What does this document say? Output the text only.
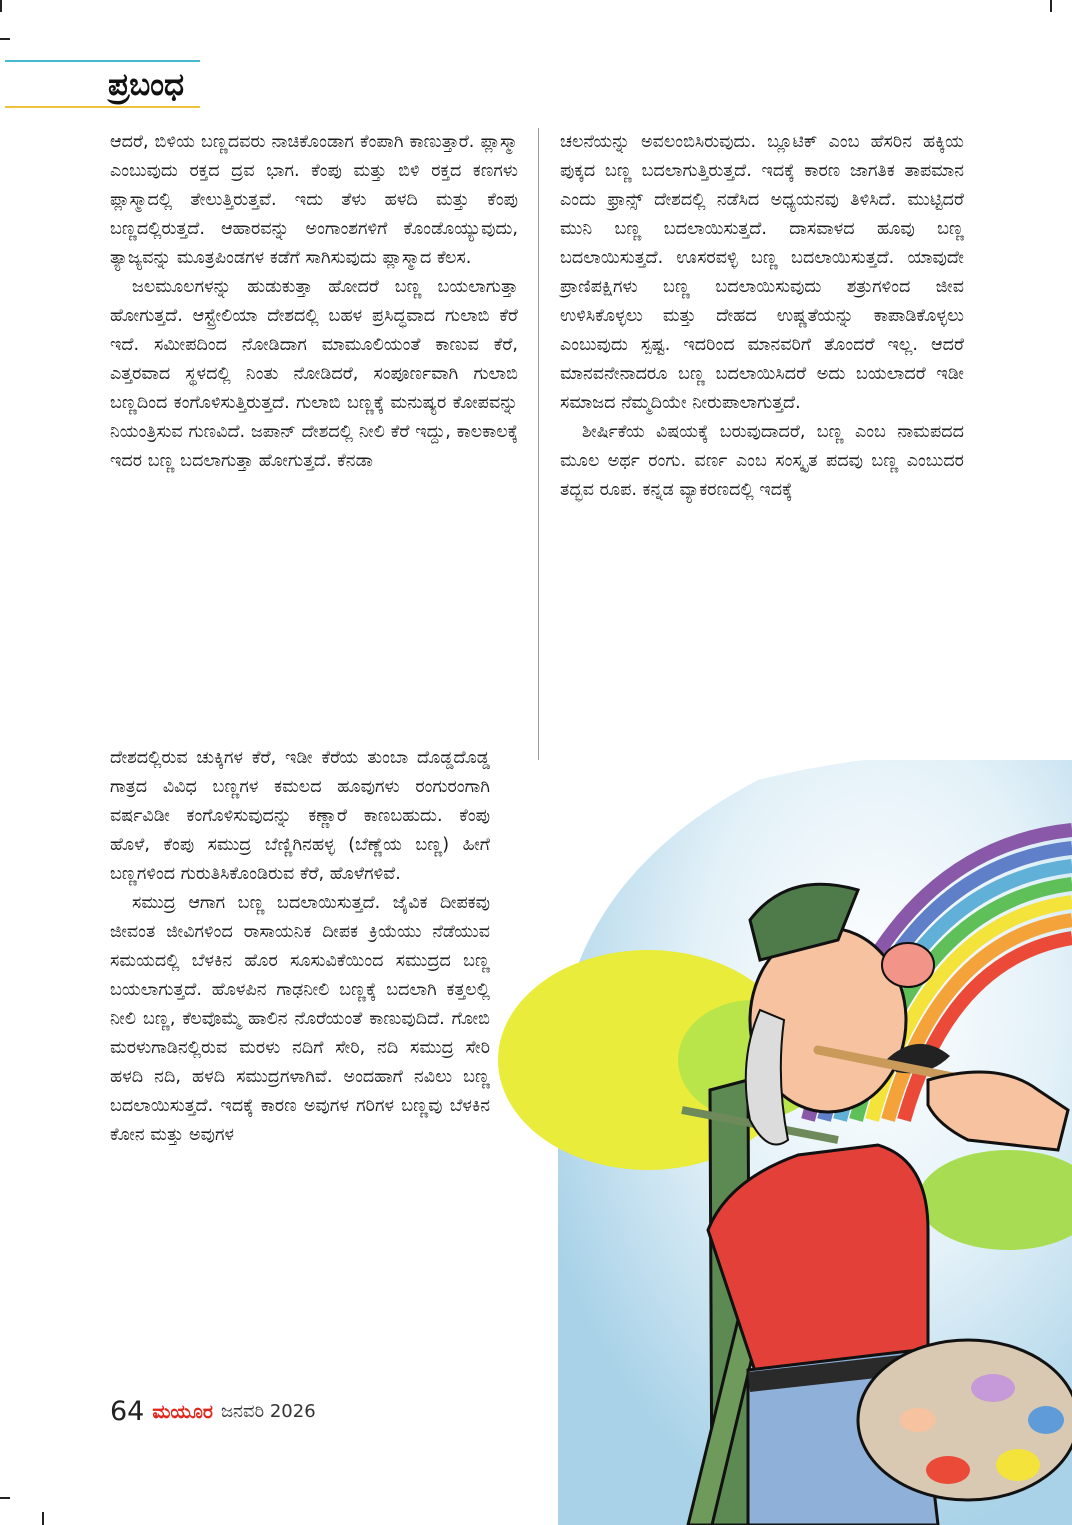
ಪ್ರಬಂಧ

ಆದರೆ, ಬಿಳಿಯ ಬಣ್ಣದವರು ನಾಚಿಕೊಂಡಾಗ ಕೆಂಪಾಗಿ ಕಾಣುತ್ತಾರೆ. ಪ್ಲಾಸ್ಮಾ ಎಂಬುವುದು ರಕ್ತದ ದ್ರವ ಭಾಗ. ಕೆಂಪು ಮತ್ತು ಬಿಳಿ ರಕ್ತದ ಕಣಗಳು ಪ್ಲಾಸ್ಮಾದಲ್ಲಿ ತೇಲುತ್ತಿರುತ್ತವೆ. ಇದು ತೆಳು ಹಳದಿ ಮತ್ತು ಕೆಂಪು ಬಣ್ಣದಲ್ಲಿರುತ್ತದೆ. ಆಹಾರವನ್ನು ಅಂಗಾಂಶಗಳಿಗೆ ಕೊಂಡೊಯ್ಯುವುದು, ತ್ಯಾಜ್ಯವನ್ನು ಮೂತ್ರಪಿಂಡಗಳ ಕಡೆಗೆ ಸಾಗಿಸುವುದು ಪ್ಲಾಸ್ಮಾದ ಕೆಲಸ.

ಜಲಮೂಲಗಳನ್ನು ಹುಡುಕುತ್ತಾ ಹೋದರೆ ಬಣ್ಣ ಬಯಲಾಗುತ್ತಾ ಹೋಗುತ್ತದೆ. ಆಸ್ಟ್ರೇಲಿಯಾ ದೇಶದಲ್ಲಿ ಬಹಳ ಪ್ರಸಿದ್ಧವಾದ ಗುಲಾಬಿ ಕೆರೆ ಇದೆ. ಸಮೀಪದಿಂದ ನೋಡಿದಾಗ ಮಾಮೂಲಿಯಂತೆ ಕಾಣುವ ಕೆರೆ, ಎತ್ತರವಾದ ಸ್ಥಳದಲ್ಲಿ ನಿಂತು ನೋಡಿದರೆ, ಸಂಪೂರ್ಣವಾಗಿ ಗುಲಾಬಿ ಬಣ್ಣದಿಂದ ಕಂಗೊಳಿಸುತ್ತಿರುತ್ತದೆ. ಗುಲಾಬಿ ಬಣ್ಣಕ್ಕೆ ಮನುಷ್ಯರ ಕೋಪವನ್ನು ನಿಯಂತ್ರಿಸುವ ಗುಣವಿದೆ. ಜಪಾನ್ ದೇಶದಲ್ಲಿ ನೀಲಿ ಕೆರೆ ಇದ್ದು, ಕಾಲಕಾಲಕ್ಕೆ ಇದರ ಬಣ್ಣ ಬದಲಾಗುತ್ತಾ ಹೋಗುತ್ತದೆ. ಕೆನಡಾ

ದೇಶದಲ್ಲಿರುವ ಚುಕ್ಕಿಗಳ ಕೆರೆ, ಇಡೀ ಕೆರೆಯ ತುಂಬಾ ದೊಡ್ಡದೊಡ್ಡ ಗಾತ್ರದ ವಿವಿಧ ಬಣ್ಣಗಳ ಕಮಲದ ಹೂವುಗಳು ರಂಗುರಂಗಾಗಿ ವರ್ಷವಿಡೀ ಕಂಗೊಳಿಸುವುದನ್ನು ಕಣ್ಣಾರೆ ಕಾಣಬಹುದು. ಕೆಂಪು ಹೊಳೆ, ಕೆಂಪು ಸಮುದ್ರ ಬೆಣ್ಣಿಗಿನಹಳ್ಳ (ಬೆಣ್ಣೆಯ ಬಣ್ಣ) ಹೀಗೆ ಬಣ್ಣಗಳಿಂದ ಗುರುತಿಸಿಕೊಂಡಿರುವ ಕೆರೆ, ಹೊಳೆಗಳಿವೆ.

ಸಮುದ್ರ ಆಗಾಗ ಬಣ್ಣ ಬದಲಾಯಿಸುತ್ತದೆ. ಜೈವಿಕ ದೀಪಕವು ಜೀವಂತ ಜೀವಿಗಳಿಂದ ರಾಸಾಯನಿಕ ದೀಪಕ ಕ್ರಿಯೆಯು ನೆಡೆಯುವ ಸಮಯದಲ್ಲಿ ಬೆಳಕಿನ ಹೊರ ಸೂಸುವಿಕೆಯಿಂದ ಸಮುದ್ರದ ಬಣ್ಣ ಬಯಲಾಗುತ್ತದೆ. ಹೊಳಪಿನ ಗಾಢನೀಲಿ ಬಣ್ಣಕ್ಕೆ ಬದಲಾಗಿ ಕತ್ತಲಲ್ಲಿ ನೀಲಿ ಬಣ್ಣ, ಕೆಲವೊಮ್ಮೆ ಹಾಲಿನ ನೊರೆಯಂತೆ ಕಾಣುವುದಿದೆ. ಗೋಬಿ ಮರಳುಗಾಡಿನಲ್ಲಿರುವ ಮರಳು ನದಿಗೆ ಸೇರಿ, ನದಿ ಸಮುದ್ರ ಸೇರಿ ಹಳದಿ ನದಿ, ಹಳದಿ ಸಮುದ್ರಗಳಾಗಿವೆ. ಅಂದಹಾಗೆ ನವಿಲು ಬಣ್ಣ ಬದಲಾಯಿಸುತ್ತದೆ. ಇದಕ್ಕೆ ಕಾರಣ ಅವುಗಳ ಗರಿಗಳ ಬಣ್ಣವು ಬೆಳಕಿನ ಕೋನ ಮತ್ತು ಅವುಗಳ

ಚಲನೆಯನ್ನು ಅವಲಂಬಿಸಿರುವುದು. ಬ್ಲೂಟಿಕ್ ಎಂಬ ಹೆಸರಿನ ಹಕ್ಕಿಯ ಪುಕ್ಕದ ಬಣ್ಣ ಬದಲಾಗುತ್ತಿರುತ್ತದೆ. ಇದಕ್ಕೆ ಕಾರಣ ಜಾಗತಿಕ ತಾಪಮಾನ ಎಂದು ಫ್ರಾನ್ಸ್ ದೇಶದಲ್ಲಿ ನಡೆಸಿದ ಅಧ್ಯಯನವು ತಿಳಿಸಿದೆ. ಮುಟ್ಟಿದರೆ ಮುನಿ ಬಣ್ಣ ಬದಲಾಯಿಸುತ್ತದೆ. ದಾಸವಾಳದ ಹೂವು ಬಣ್ಣ ಬದಲಾಯಿಸುತ್ತದೆ. ಊಸರವಳ್ಳಿ ಬಣ್ಣ ಬದಲಾಯಿಸುತ್ತದೆ. ಯಾವುದೇ ಪ್ರಾಣಿಪಕ್ಷಿಗಳು ಬಣ್ಣ ಬದಲಾಯಿಸುವುದು ಶತ್ರುಗಳಿಂದ ಜೀವ ಉಳಿಸಿಕೊಳ್ಳಲು ಮತ್ತು ದೇಹದ ಉಷ್ಣತೆಯನ್ನು ಕಾಪಾಡಿಕೊಳ್ಳಲು ಎಂಬುವುದು ಸ್ಪಷ್ಟ. ಇದರಿಂದ ಮಾನವರಿಗೆ ತೊಂದರೆ ಇಲ್ಲ. ಆದರೆ ಮಾನವನೇನಾದರೂ ಬಣ್ಣ ಬದಲಾಯಿಸಿದರೆ ಅದು ಬಯಲಾದರೆ ಇಡೀ ಸಮಾಜದ ನೆಮ್ಮದಿಯೇ ನೀರುಪಾಲಾಗುತ್ತದೆ.

ಶೀರ್ಷಿಕೆಯ ವಿಷಯಕ್ಕೆ ಬರುವುದಾದರೆ, ಬಣ್ಣ ಎಂಬ ನಾಮಪದದ ಮೂಲ ಅರ್ಥ ರಂಗು. ವರ್ಣ ಎಂಬ ಸಂಸ್ಕೃತ ಪದವು ಬಣ್ಣ ಎಂಬುದರ ತದ್ಭವ ರೂಪ. ಕನ್ನಡ ವ್ಯಾಕರಣದಲ್ಲಿ ಇದಕ್ಕೆ

64 ಮಯೂರ ಜನವರಿ 2026
